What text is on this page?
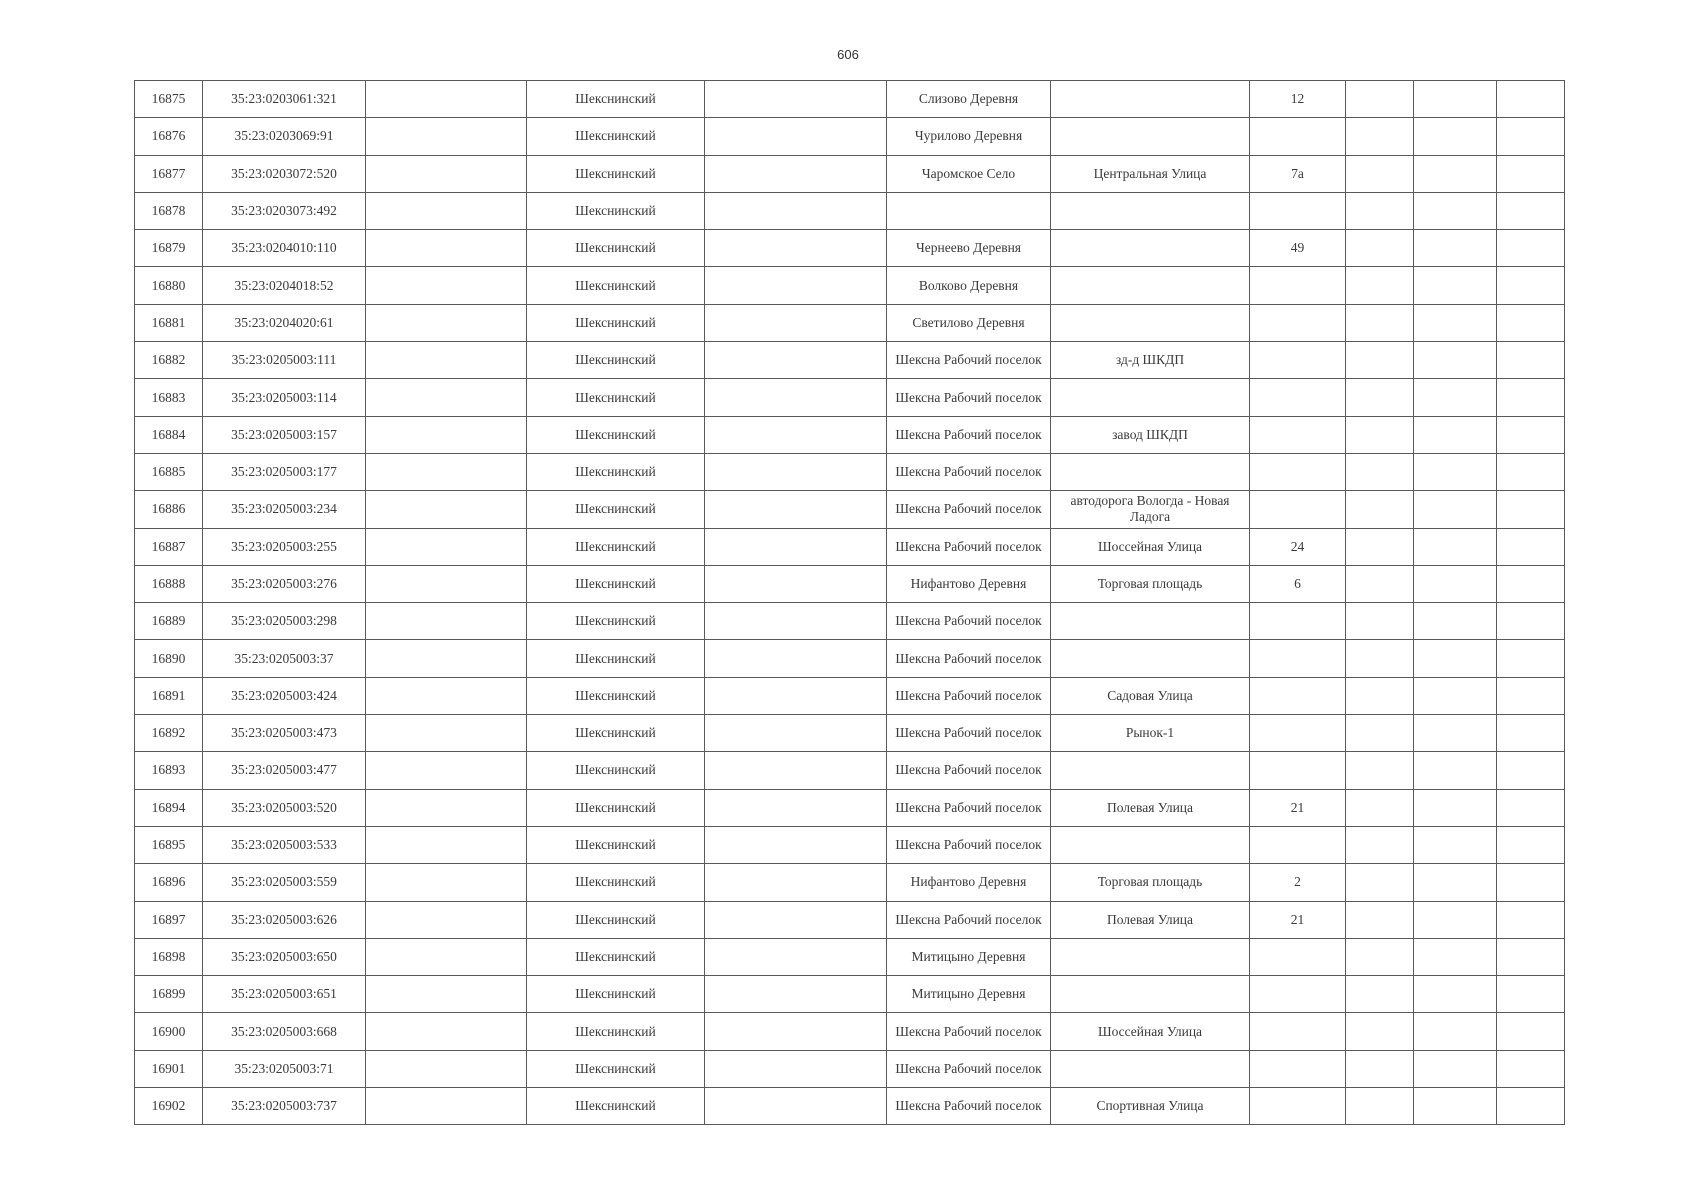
606
16875	35:23:0203061:321		Шекснинский		Слизово Деревня		12			
16876	35:23:0203069:91		Шекснинский		Чурилово Деревня					
16877	35:23:0203072:520		Шекснинский		Чаромское Село	Центральная Улица	7а			
16878	35:23:0203073:492		Шекснинский							
16879	35:23:0204010:110		Шекснинский		Чернеево Деревня		49			
16880	35:23:0204018:52		Шекснинский		Волково Деревня					
16881	35:23:0204020:61		Шекснинский		Светилово Деревня					
16882	35:23:0205003:111		Шекснинский		Шексна Рабочий поселок	зд-д ШКДП				
16883	35:23:0205003:114		Шекснинский		Шексна Рабочий поселок					
16884	35:23:0205003:157		Шекснинский		Шексна Рабочий поселок	завод ШКДП				
16885	35:23:0205003:177		Шекснинский		Шексна Рабочий поселок					
16886	35:23:0205003:234		Шекснинский		Шексна Рабочий поселок	автодорога Вологда - Новая Ладога				
16887	35:23:0205003:255		Шекснинский		Шексна Рабочий поселок	Шоссейная Улица	24			
16888	35:23:0205003:276		Шекснинский		Нифантово Деревня	Торговая площадь	6			
16889	35:23:0205003:298		Шекснинский		Шексна Рабочий поселок					
16890	35:23:0205003:37		Шекснинский		Шексна Рабочий поселок					
16891	35:23:0205003:424		Шекснинский		Шексна Рабочий поселок	Садовая Улица				
16892	35:23:0205003:473		Шекснинский		Шексна Рабочий поселок	Рынок-1				
16893	35:23:0205003:477		Шекснинский		Шексна Рабочий поселок					
16894	35:23:0205003:520		Шекснинский		Шексна Рабочий поселок	Полевая Улица	21			
16895	35:23:0205003:533		Шекснинский		Шексна Рабочий поселок					
16896	35:23:0205003:559		Шекснинский		Нифантово Деревня	Торговая площадь	2			
16897	35:23:0205003:626		Шекснинский		Шексна Рабочий поселок	Полевая Улица	21			
16898	35:23:0205003:650		Шекснинский		Митицыно Деревня					
16899	35:23:0205003:651		Шекснинский		Митицыно Деревня					
16900	35:23:0205003:668		Шекснинский		Шексна Рабочий поселок	Шоссейная Улица				
16901	35:23:0205003:71		Шекснинский		Шексна Рабочий поселок					
16902	35:23:0205003:737		Шекснинский		Шексна Рабочий поселок	Спортивная Улица				
